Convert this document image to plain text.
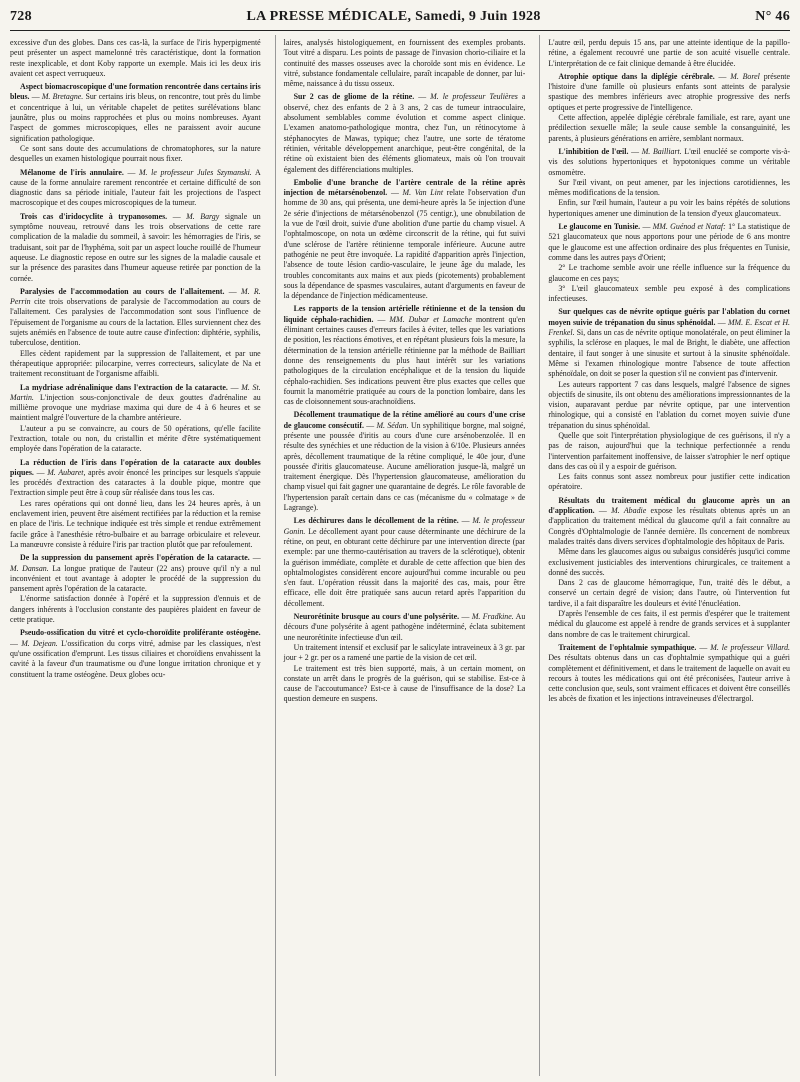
728	LA PRESSE MÉDICALE, Samedi, 9 Juin 1928	N° 46

excessive d'un des globes. Dans ces cas-là, la surface de l'iris hyperpigmenté peut présenter un aspect mamelonné très caractéristique, dont la formation reste inexplicable, et dont Koby rapporte un exemple. Mais ici les deux iris avaient cet aspect verruqueux.

Aspect biomacroscopique d'une formation rencontrée dans certains iris bleus. — M. Bretagne. Sur certains iris bleus, on rencontre, tout près du limbe et concentrique à lui, un véritable chapelet de petites surélévations blanc jaunâtre, plus ou moins rapprochées et plus ou moins nombreuses. Ayant l'aspect de gommes microscopiques, elles ne paraissent avoir aucune signification pathologique.

Ce sont sans doute des accumulations de chromatophores, sur la nature desquelles un examen histologique pourrait nous fixer.

Mélanome de l'iris annulaire. — M. le professeur Jules Szymanski. A cause de la forme annulaire rarement rencontrée et certaine difficulté de son diagnostic dans sa période initiale, l'auteur fait les projections de l'aspect macroscopique et des coupes microscopiques de la tumeur.

Trois cas d'iridocyclite à trypanosomes. — M. Bargy signale un symptôme nouveau, retrouvé dans les trois observations de cette rare complication de la maladie du sommeil, à savoir: les hémorragies de l'iris, se traduisant, soit par de l'hyphéma, soit par un aspect louche rouillé de l'humeur aqueuse. Le diagnostic repose en outre sur les signes de la maladie causale et sur la présence des parasites dans l'humeur aqueuse retirée par ponction de la cornée.

Paralysies de l'accommodation au cours de l'allaitement. — M. R. Perrin cite trois observations de paralysie de l'accommodation au cours de l'allaitement. Ces paralysies de l'accommodation sont sous l'influence de l'épuisement de l'organisme au cours de la lactation. Elles surviennent chez des sujets anémiés en l'absence de toute autre cause d'infection: diphtérie, syphilis, tuberculose, dentition.

Elles cèdent rapidement par la suppression de l'allaitement, et par une thérapeutique appropriée: pilocarpine, verres correcteurs, salicylate de Na et traitement reconstituant de l'organisme affaibli.

La mydriase adrénalinique dans l'extraction de la cataracte. — M. St. Martin. L'injection sous-conjonctivale de deux gouttes d'adrénaline au millième provoque une mydriase maxima qui dure de 4 à 6 heures et se maintient malgré l'ouverture de la chambre antérieure.

L'auteur a pu se convaincre, au cours de 50 opérations, qu'elle facilite l'extraction, totale ou non, du cristallin et mérite d'être systématiquement employée dans l'opération de la cataracte.

La réduction de l'iris dans l'opération de la cataracte aux doubles piques. — M. Aubaret, après avoir énoncé les principes sur lesquels s'appuie les procédés d'extraction des cataractes à la double pique, montre que l'extraction simple peut être à coup sûr réalisée dans tous les cas.

Les rares opérations qui ont donné lieu, dans les 24 heures après, à un enclavement irien, peuvent être aisément rectifiées par la réduction et la remise en place de l'iris. Le technique indiquée est très simple et rendue extrêmement facile grâce à l'anesthésie rétro-bulbaire et au barrage orbiculaire et releveur. La manœuvre consiste à réduire l'iris par traction plutôt que par refoulement.

De la suppression du pansement après l'opération de la cataracte. — M. Dansan. La longue pratique de l'auteur (22 ans) prouve qu'il n'y a nul inconvénient et tout avantage à adopter le procédé de la suppression du pansement après l'opération de la cataracte.

L'énorme satisfaction donnée à l'opéré et la suppression d'ennuis et de dangers inhérents à l'occlusion constante des paupières plaident en faveur de cette pratique.

Pseudo-ossification du vitré et cyclo-choroïdite proliférante ostéogène. — M. Dejean. L'ossification du corps vitré, admise par les classiques, n'est qu'une ossification d'emprunt. Les tissus ciliaires et choroïdiens envahissent la cavité à la faveur d'un traumatisme ou d'une longue irritation chronique et y constituent la trame ostéogène. Deux globes ocu-

laires, analysés histologiquement, en fournissent des exemples probants. Tout vitré a disparu. Les points de passage de l'invasion chorio-ciliaire et la continuité des masses osseuses avec la choroïde sont mis en évidence. Le vitré, substance fondamentale cellulaire, paraît incapable de donner, par lui-même, naissance à du tissu osseux.

Sur 2 cas de gliome de la rétine. — M. le professeur Teulières a observé, chez des enfants de 2 à 3 ans, 2 cas de tumeur intraoculaire, absolument semblables comme évolution et comme aspect clinique. L'examen anatomo-pathologique montra, chez l'un, un rétinocytome à stéphanocytes de Mawas, typique; chez l'autre, une sorte de tératome rétinien, véritable développement anarchique, peut-être congénital, de la rétine où existaient bien des éléments gliomateux, mais où l'on trouvait également des différenciations multiples.

Embolie d'une branche de l'artère centrale de la rétine après injection de métarsénobenzol. — M. Van Lint relate l'observation d'un homme de 30 ans, qui présenta, une demi-heure après la 5e injection d'une 2e série d'injections de métarsénobenzol (75 centigr.), une obnubilation de la vue de l'œil droit, suivie d'une abolition d'une partie du champ visuel. A l'ophtalmoscope, on nota un œdème circonscrit de la rétine, qui fut suivi d'une sclérose de l'artère rétinienne temporale inférieure. Aucune autre pathogénie ne peut être invoquée. La rapidité d'apparition après l'injection, l'absence de toute lésion cardio-vasculaire, le jeune âge du malade, les troubles concomitants aux mains et aux pieds (picotements) probablement sous la dépendance de spasmes vasculaires, autant d'arguments en faveur de la dépendance de l'injection médicamenteuse.

Les rapports de la tension artérielle rétinienne et de la tension du liquide céphalo-rachidien. — MM. Dubar et Lamache montrent qu'en éliminant certaines causes d'erreurs faciles à éviter, telles que les variations de position, les réactions émotives, et en répétant plusieurs fois la mesure, la détermination de la tension artérielle rétinienne par la méthode de Bailliart donne des renseignements du plus haut intérêt sur les variations pathologiques de la circulation encéphalique et de la tension du liquide céphalo-rachidien. Ses indications peuvent être plus exactes que celles que fournit la manométrie pratiquée au cours de la ponction lombaire, dans les cas de cloisonnement sous-arachnoïdiens.

Décollement traumatique de la rétine amélioré au cours d'une crise de glaucome consécutif. — M. Sédan. Un syphilitique borgne, mal soigné, présente une poussée d'iritis au cours d'une cure arsénobenzolée. Il en résulte des synéchies et une réduction de la vision à 6/10e. Plusieurs années après, décollement traumatique de la rétine compliqué, le 40e jour, d'une poussée d'iritis glaucomateuse. Aucune amélioration jusque-là, malgré un traitement énergique. Dès l'hypertension glaucomateuse, amélioration du champ visuel qui fait gagner une quarantaine de degrés. Le rôle favorable de l'hypertension paraît certain dans ce cas (mécanisme du « colmatage » de Lagrange).

Les déchirures dans le décollement de la rétine. — M. le professeur Gonin. Le décollement ayant pour cause déterminante une déchirure de la rétine, on peut, en obturant cette déchirure par une intervention directe (par exemple: par une thermo-cautérisation au travers de la sclérotique), obtenir la guérison immédiate, complète et durable de cette affection que bien des ophtalmologistes considèrent encore aujourd'hui comme incurable ou peu s'en faut. L'opération réussit dans la majorité des cas, mais, pour être efficace, elle doit être pratiquée sans aucun retard après l'apparition du décollement.

Neurorétinite brusque au cours d'une polysérite. — M. Fradkine. Au décours d'une polysérite à agent pathogène indéterminé, éclata subitement une neurorétinite infectieuse d'un œil.

Un traitement intensif et exclusif par le salicylate intraveineux à 3 gr. par jour + 2 gr. per os a ramené une partie de la vision de cet œil.

Le traitement est très bien supporté, mais, à un certain moment, on constate un arrêt dans le progrès de la guérison, qui se stabilise. Est-ce à cause de l'accoutumance? Est-ce à cause de l'insuffisance de la dose? La question demeure en suspens.

L'autre œil, perdu depuis 15 ans, par une atteinte identique de la papillo-rétine, a également recouvré une partie de son acuité visuelle centrale. L'interprétation de ce fait clinique demande à être élucidée.

Atrophie optique dans la diplégie cérébrale. — M. Borel présente l'histoire d'une famille où plusieurs enfants sont atteints de paralysie spastique des membres inférieurs avec atrophie progressive des nerfs optiques et perte progressive de l'intelligence.

Cette affection, appelée diplégie cérébrale familiale, est rare, ayant une prédilection sexuelle mâle; la seule cause semble la consanguinité, les parents, à plusieurs générations en arrière, semblant normaux.

L'inhibition de l'œil. — M. Bailliart. L'œil enucléé se comporte vis-à-vis des solutions hypertoniques et hypotoniques comme un véritable osmomètre.

Sur l'œil vivant, on peut amener, par les injections carotidiennes, les mêmes modifications de la tension.

Enfin, sur l'œil humain, l'auteur a pu voir les bains répétés de solutions hypertoniques amener une diminution de la tension d'yeux glaucomateux.

Le glaucome en Tunisie. — MM. Guénod et Nataf: 1° La statistique de 521 glaucomateux que nous apportons pour une période de 6 ans montre que le glaucome est une affection ordinaire des plus fréquentes en Tunisie, comme dans les autres pays d'Orient;

2° Le trachome semble avoir une réelle influence sur la fréquence du glaucome en ces pays;

3° L'œil glaucomateux semble peu exposé à des complications infectieuses.

Sur quelques cas de névrite optique guéris par l'ablation du cornet moyen suivie de trépanation du sinus sphénoïdal. — MM. E. Escat et H. Frenkel. Si, dans un cas de névrite optique monolatérale, on peut éliminer la syphilis, la sclérose en plaques, le mal de Bright, le diabète, une affection dentaire, il faut songer à une sinusite et surtout à la sinusite sphénoïdale. Même si l'examen rhinologique montre l'absence de toute affection sphénoïdale, on doit se poser la question s'il ne convient pas d'intervenir.

Les auteurs rapportent 7 cas dans lesquels, malgré l'absence de signes objectifs de sinusite, ils ont obtenu des améliorations impressionnantes de la vision, auparavant perdue par névrite optique, par une intervention rhinologique, qui a consisté en l'ablation du cornet moyen suivie d'une trépanation du sinus sphénoïdal.

Quelle que soit l'interprétation physiologique de ces guérisons, il n'y a pas de raison, aujourd'hui que la technique perfectionnée a rendu l'intervention parfaitement inoffensive, de laisser s'atrophier le nerf optique dans des cas où il y a espoir de guérison.

Les faits connus sont assez nombreux pour justifier cette indication opératoire.

Résultats du traitement médical du glaucome après un an d'application. — M. Abadie expose les résultats obtenus après un an d'application du traitement médical du glaucome qu'il a fait connaître au Congrès d'Ophtalmologie de l'année dernière. Ils concernent de nombreux malades traités dans divers services d'ophtalmologie des hôpitaux de Paris.

Même dans les glaucomes aigus ou subaigus considérés jusqu'ici comme exclusivement justiciables des interventions chirurgicales, ce traitement a donné des succès.

Dans 2 cas de glaucome hémorragique, l'un, traité dès le début, a conservé un certain degré de vision; dans l'autre, où l'intervention fut tardive, il a fait disparaître les douleurs et évité l'énucléation.

D'après l'ensemble de ces faits, il est permis d'espérer que le traitement médical du glaucome est appelé à rendre de grands services et à supplanter dans nombre de cas le traitement chirurgical.

Traitement de l'ophtalmie sympathique. — M. le professeur Villard. Des résultats obtenus dans un cas d'ophtalmie sympathique qui a guéri complètement et définitivement, et dans le traitement de laquelle on avait eu recours à toutes les médications qui ont été préconisées, l'auteur arrive à cette conclusion que, seuls, sont vraiment efficaces et doivent être conseillés les abcès de fixation et les injections intraveineuses d'électrargol.
